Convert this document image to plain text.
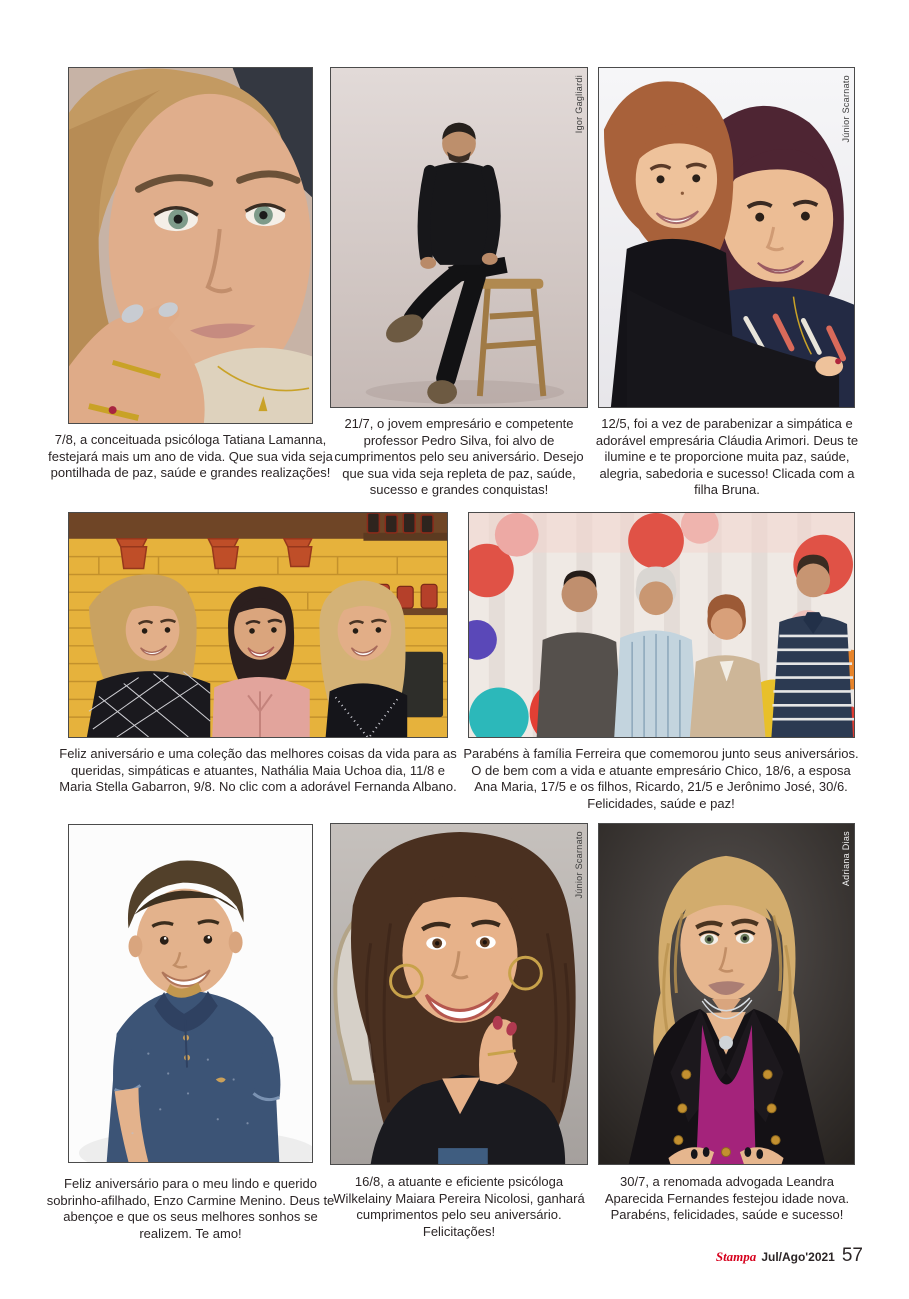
7/8, a conceituada psicóloga Tatiana Lamanna, festejará mais um ano de vida. Que sua vida seja pontilhada de paz, saúde e grandes realizações!
Igor Gagliardi
21/7, o jovem empresário e competente professor Pedro Silva, foi alvo de cumprimentos pelo seu aniversário. Desejo que sua vida seja repleta de paz, saúde, sucesso e grandes conquistas!
Júnior Scarnato
12/5, foi a vez de parabenizar a simpática e adorável empresária Cláudia Arimori. Deus te ilumine e te proporcione muita paz, saúde, alegria, sabedoria e sucesso! Clicada com a filha Bruna.
Feliz aniversário e uma coleção das melhores coisas da vida para as queridas, simpáticas e atuantes, Nathália Maia Uchoa dia, 11/8 e Maria Stella Gabarron, 9/8. No clic com a adorável Fernanda Albano.
Parabéns à família Ferreira que comemorou junto seus aniversários. O de bem com a vida e atuante empresário Chico, 18/6, a esposa Ana Maria, 17/5 e os filhos, Ricardo, 21/5 e Jerônimo José, 30/6. Felicidades, saúde e paz!
Feliz aniversário para o meu lindo e querido sobrinho-afilhado, Enzo Carmine Menino. Deus te abençoe e que os seus melhores sonhos se realizem. Te amo!
Júnior Scarnato
16/8, a atuante e eficiente psicóloga Wilkelainy Maiara Pereira Nicolosi, ganhará cumprimentos pelo seu aniversário. Felicitações!
Adriana Dias
30/7, a renomada advogada Leandra Aparecida Fernandes festejou idade nova. Parabéns, felicidades, saúde e sucesso!
Stampa Jul/Ago'2021 57
